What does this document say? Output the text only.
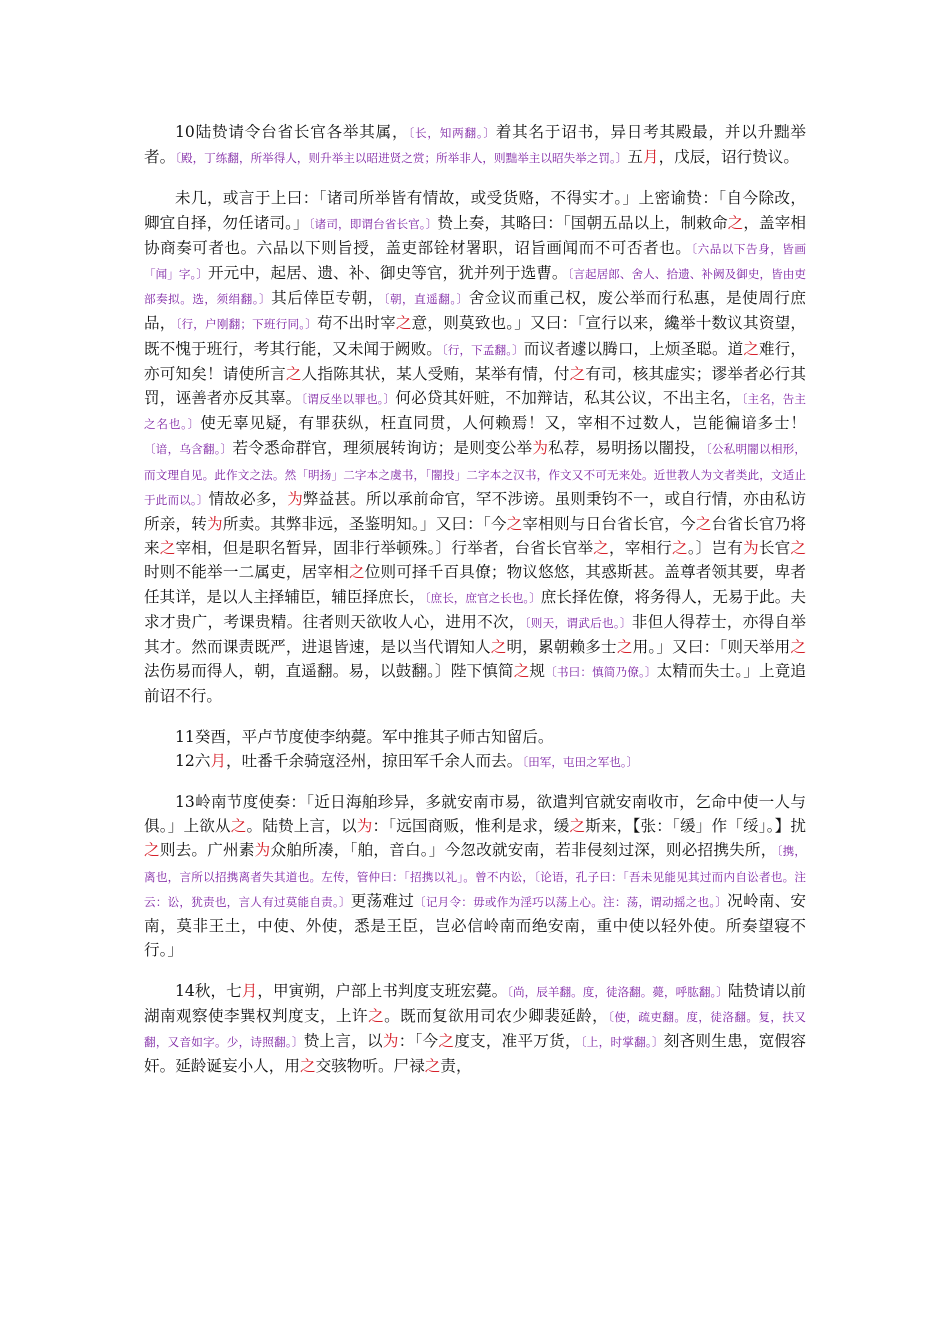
10陆贽请令台省长官各举其属，〔长，知两翻。〕着其名于诏书，异日考其殿最，并以升黜举者。〔殿，丁练翻，所举得人，则升举主以昭进贤之赏；所举非人，则黜举主以昭失举之罚。〕五月，戊辰，诏行贽议。

未几，或言于上曰：「诸司所举皆有情故，或受货赂，不得实才。」上密谕贽：「自今除改，卿宜自择，勿任诸司。」〔诸司，即谓台省长官。〕贽上奏，其略曰：「国朝五品以上，制敕命之，盖宰相协商奏可者也。六品以下则旨授，盖吏部铨材署职，诏旨画闻而不可否者也。〔六品以下告身，皆画「闻」字。〕开元中，起居、遗、补、御史等官，犹并列于选曹。〔言起居郎、舍人、拾遗、补阙及御史，皆由吏部奏拟。选，须绢翻。〕其后倖臣专朝，〔朝，直遥翻。〕舍佥议而重己权，废公举而行私惠，是使周行庶品，〔行，户刚翻；下班行同。〕苟不出时宰之意，则莫致也。」又曰：「宣行以来，纔举十数议其资望，既不愧于班行，考其行能，又未闻于阙败。〔行，下孟翻。〕而议者遽以腾口，上烦圣聪。道之难行，亦可知矣！请使所言之人指陈其状，某人受贿，某举有情，付之有司，核其虚实；谬举者必行其罚，诬善者亦反其辜。〔谓反坐以罪也。〕何必贷其奸赃，不加辩诘，私其公议，不出主名，〔主名，告主之名也。〕使无辜见疑，有罪获纵，枉直同贯，人何赖焉！又，宰相不过数人，岂能徧谙多士！〔谙，乌含翻。〕若令悉命群官，理须展转询访；是则变公举为私荐，易明扬以闇投，〔公私明闇以相形，而文理自见。此作文之法。然「明扬」二字本之虞书，「闇投」二字本之汉书，作文又不可无来处。近世教人为文者类此，文适止于此而以。〕情故必多，为弊益甚。所以承前命官，罕不涉谤。虽则秉钧不一，或自行情，亦由私访所亲，转为所卖。其弊非远，圣鉴明知。」又曰：「今之宰相则与日台省长官，今之台省长官乃将来之宰相，但是职名暂异，固非行举顿殊。〕行举者，台省长官举之，宰相行之。〕岂有为长官之时则不能举一二属吏，居宰相之位则可择千百具僚；物议悠悠，其惑斯甚。盖尊者领其要，卑者任其详，是以人主择辅臣，辅臣择庶长，〔庶长，庶官之长也。〕庶长择佐僚，将务得人，无易于此。夫求才贵广，考课贵精。往者则天欲收人心，进用不次，〔则天，谓武后也。〕非但人得荐士，亦得自举其才。然而课责既严，进退皆速，是以当代谓知人之明，累朝赖多士之用。」又曰：「则天举用之法伤易而得人，朝，直遥翻。易，以鼓翻。〕陛下慎简之规〔书曰：慎简乃僚。〕太精而失士。」上竟追前诏不行。

11癸酉，平卢节度使李纳薨。军中推其子师古知留后。

12六月，吐番千余骑寇泾州，掠田军千余人而去。〔田军，屯田之军也。〕

13岭南节度使奏：「近日海舶珍异，多就安南市易，欲遣判官就安南收市，乞命中使一人与俱。」上欲从之。陆贽上言，以为：「远国商贩，惟利是求，缓之斯来，【张：「缓」作「绥」。】扰之则去。广州素为众舶所凑，「舶，音白。」今忽改就安南，若非侵刻过深，则必招携失所，〔携，离也，言所以招携离者失其道也。左传，管仲曰：「招携以礼」。曾不内讼，〔论语，孔子曰：「吾未见能见其过而内自讼者也。注云：讼，犹责也，言人有过莫能自责。〕更荡难过〔记月令：毋或作为淫巧以荡上心。注：荡，谓动摇之也。〕况岭南、安南，莫非王土，中使、外使，悉是王臣，岂必信岭南而绝安南，重中使以轻外使。所奏望寝不行。」

14秋，七月，甲寅朔，户部上书判度支班宏薨。〔尚，辰羊翻。度，徒洛翻。薨，呼肱翻。〕陆贽请以前湖南观察使李巽权判度支，上许之。既而复欲用司农少卿裴延龄，〔使，疏吏翻。度，徒洛翻。复，扶又翻，又音如字。少，诗照翻。〕贽上言，以为：「今之度支，准平万货，〔上，时掌翻。〕刻吝则生患，宽假容奸。延龄诞妄小人，用之交骇物听。尸禄之责，
